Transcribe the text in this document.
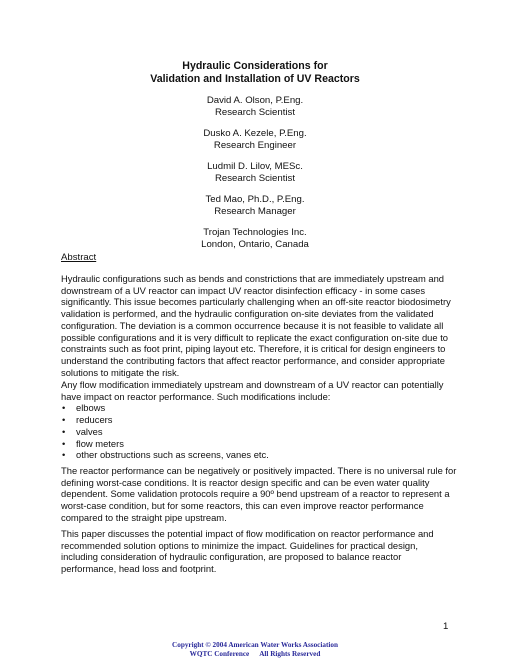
Hydraulic Considerations for
Validation and Installation of UV Reactors
David A. Olson, P.Eng.
Research Scientist
Dusko A. Kezele, P.Eng.
Research Engineer
Ludmil D. Lilov, MESc.
Research Scientist
Ted Mao, Ph.D., P.Eng.
Research Manager
Trojan Technologies Inc.
London, Ontario, Canada
Abstract

Hydraulic configurations such as bends and constrictions that are immediately upstream and downstream of a UV reactor can impact UV reactor disinfection efficacy - in some cases significantly. This issue becomes particularly challenging when an off-site reactor biodosimetry validation is performed, and the hydraulic configuration on-site deviates from the validated configuration. The deviation is a common occurrence because it is not feasible to validate all possible configurations and it is very difficult to replicate the exact configuration on-site due to constraints such as foot print, piping layout etc. Therefore, it is critical for design engineers to understand the contributing factors that affect reactor performance, and consider appropriate solutions to mitigate the risk.

Any flow modification immediately upstream and downstream of a UV reactor can potentially have impact on reactor performance. Such modifications include:

• elbows
• reducers
• valves
• flow meters
• other obstructions such as screens, vanes etc.

The reactor performance can be negatively or positively impacted. There is no universal rule for defining worst-case conditions. It is reactor design specific and can be even water quality dependent. Some validation protocols require a 90º bend upstream of a reactor to represent a worst-case condition, but for some reactors, this can even improve reactor performance compared to the straight pipe upstream.

This paper discusses the potential impact of flow modification on reactor performance and recommended solution options to minimize the impact. Guidelines for practical design, including consideration of hydraulic configuration, are proposed to balance reactor performance, head loss and footprint.

1
Copyright © 2004 American Water Works Association
WQTC Conference All Rights Reserved
